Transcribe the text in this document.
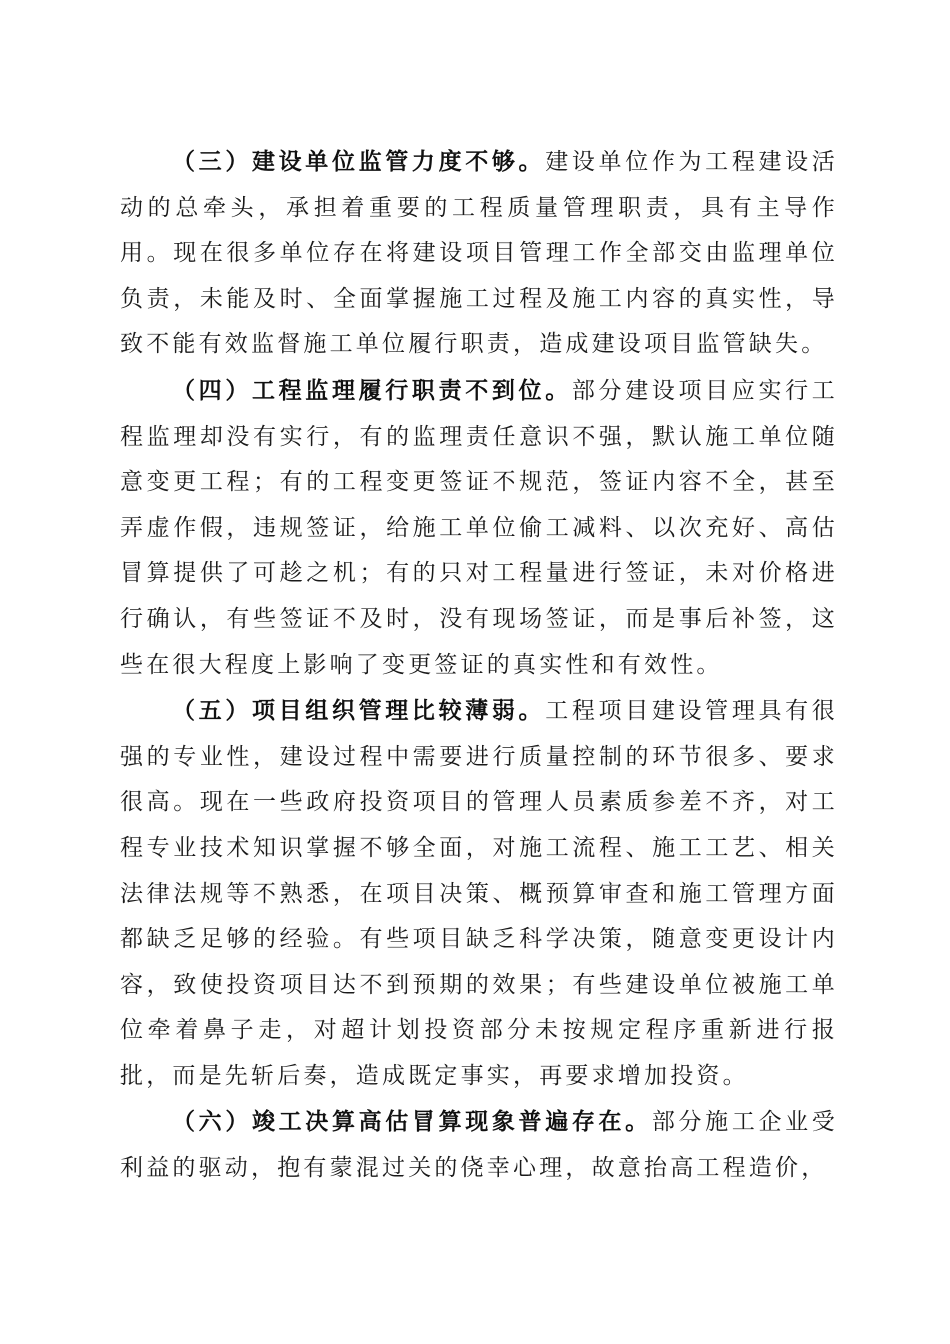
（三）建设单位监管力度不够。建设单位作为工程建设活动的总牵头，承担着重要的工程质量管理职责，具有主导作用。现在很多单位存在将建设项目管理工作全部交由监理单位负责，未能及时、全面掌握施工过程及施工内容的真实性，导致不能有效监督施工单位履行职责，造成建设项目监管缺失。

（四）工程监理履行职责不到位。部分建设项目应实行工程监理却没有实行，有的监理责任意识不强，默认施工单位随意变更工程；有的工程变更签证不规范，签证内容不全，甚至弄虚作假，违规签证，给施工单位偷工减料、以次充好、高估冒算提供了可趁之机；有的只对工程量进行签证，未对价格进行确认，有些签证不及时，没有现场签证，而是事后补签，这些在很大程度上影响了变更签证的真实性和有效性。

（五）项目组织管理比较薄弱。工程项目建设管理具有很强的专业性，建设过程中需要进行质量控制的环节很多、要求很高。现在一些政府投资项目的管理人员素质参差不齐，对工程专业技术知识掌握不够全面，对施工流程、施工工艺、相关法律法规等不熟悉，在项目决策、概预算审查和施工管理方面都缺乏足够的经验。有些项目缺乏科学决策，随意变更设计内容，致使投资项目达不到预期的效果；有些建设单位被施工单位牵着鼻子走，对超计划投资部分未按规定程序重新进行报批，而是先斩后奏，造成既定事实，再要求增加投资。

（六）竣工决算高估冒算现象普遍存在。部分施工企业受利益的驱动，抱有蒙混过关的侥幸心理，故意抬高工程造价，
